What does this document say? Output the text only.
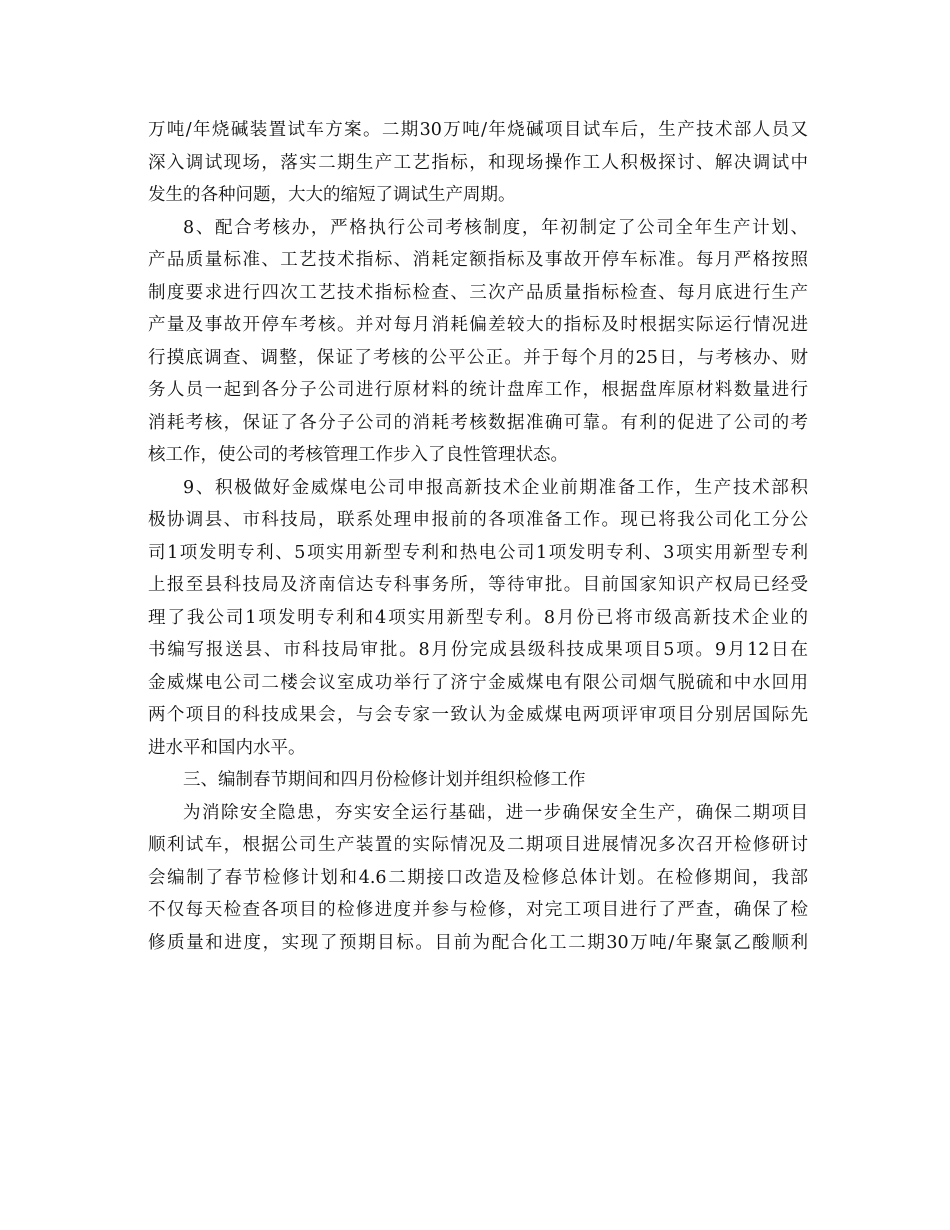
万吨/年烧碱装置试车方案。二期30万吨/年烧碱项目试车后，生产技术部人员又
深入调试现场，落实二期生产工艺指标，和现场操作工人积极探讨、解决调试中
发生的各种问题，大大的缩短了调试生产周期。
8、配合考核办，严格执行公司考核制度，年初制定了公司全年生产计划、
产品质量标准、工艺技术指标、消耗定额指标及事故开停车标准。每月严格按照
制度要求进行四次工艺技术指标检查、三次产品质量指标检查、每月底进行生产
产量及事故开停车考核。并对每月消耗偏差较大的指标及时根据实际运行情况进
行摸底调查、调整，保证了考核的公平公正。并于每个月的25日，与考核办、财
务人员一起到各分子公司进行原材料的统计盘库工作，根据盘库原材料数量进行
消耗考核，保证了各分子公司的消耗考核数据准确可靠。有利的促进了公司的考
核工作，使公司的考核管理工作步入了良性管理状态。
9、积极做好金威煤电公司申报高新技术企业前期准备工作，生产技术部积
极协调县、市科技局，联系处理申报前的各项准备工作。现已将我公司化工分公
司1项发明专利、5项实用新型专利和热电公司1项发明专利、3项实用新型专利
上报至县科技局及济南信达专科事务所，等待审批。目前国家知识产权局已经受
理了我公司1项发明专利和4项实用新型专利。8月份已将市级高新技术企业的
书编写报送县、市科技局审批。8月份完成县级科技成果项目5项。9月12日在
金威煤电公司二楼会议室成功举行了济宁金威煤电有限公司烟气脱硫和中水回用
两个项目的科技成果会，与会专家一致认为金威煤电两项评审项目分别居国际先
进水平和国内水平。
三、编制春节期间和四月份检修计划并组织检修工作
为消除安全隐患，夯实安全运行基础，进一步确保安全生产，确保二期项目
顺利试车，根据公司生产装置的实际情况及二期项目进展情况多次召开检修研讨
会编制了春节检修计划和4.6二期接口改造及检修总体计划。在检修期间，我部
不仅每天检查各项目的检修进度并参与检修，对完工项目进行了严查，确保了检
修质量和进度，实现了预期目标。目前为配合化工二期30万吨/年聚氯乙酸顺利
